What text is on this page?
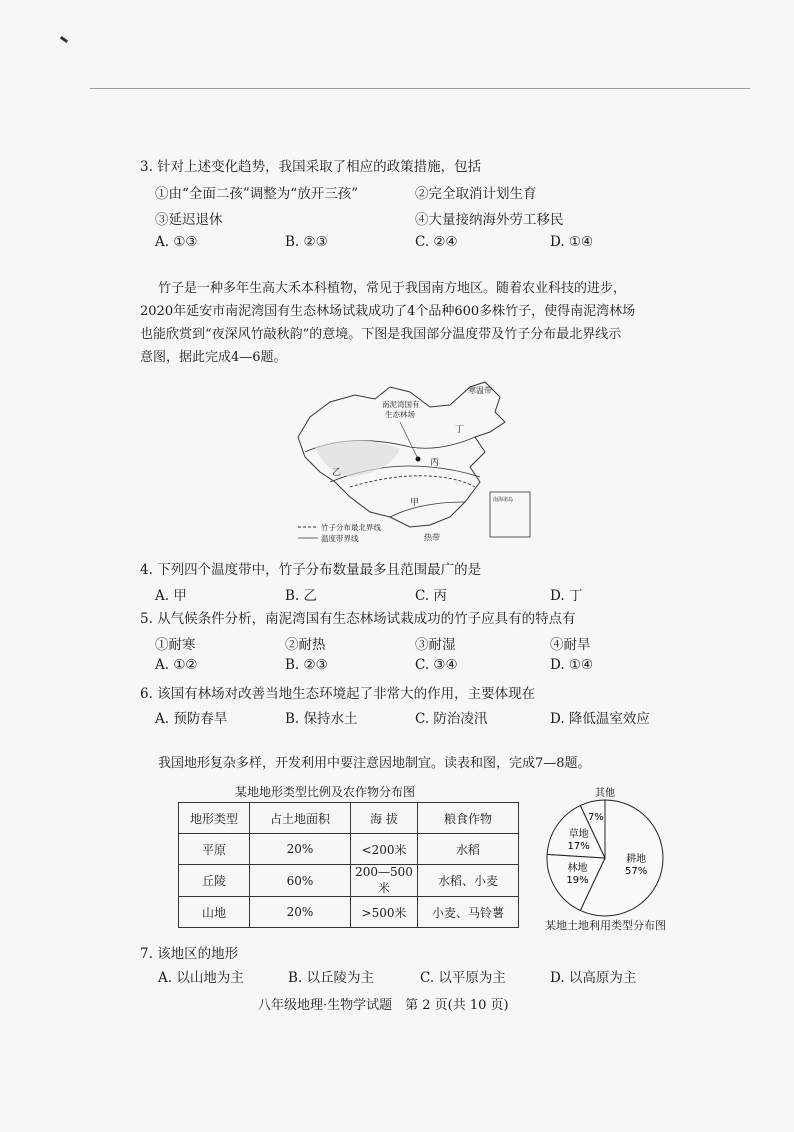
3. 针对上述变化趋势，我国采取了相应的政策措施，包括
①由“全面二孩”调整为“放开三孩”	②完全取消计划生育
③延迟退休	④大量接纳海外劳工移民
A. ①③	B. ②③	C. ②④	D. ①④
竹子是一种多年生高大禾本科植物，常见于我国南方地区。随着农业科技的进步，
2020年延安市南泥湾国有生态林场试栽成功了4个品种600多株竹子，使得南泥湾林场
也能欣赏到“夜深风竹敲秋韵”的意境。下图是我国部分温度带及竹子分布最北界线示
意图，据此完成4—6题。
寒温带
南泥湾国有
生态林场
丁
丙
乙
甲
热带
南海诸岛
竹子分布最北界线
温度带界线
4. 下列四个温度带中，竹子分布数量最多且范围最广的是
A. 甲	B. 乙	C. 丙	D. 丁
5. 从气候条件分析，南泥湾国有生态林场试栽成功的竹子应具有的特点有
①耐寒	②耐热	③耐湿	④耐旱
A. ①②	B. ②③	C. ③④	D. ①④
6. 该国有林场对改善当地生态环境起了非常大的作用，主要体现在
A. 预防春旱	B. 保持水土	C. 防治凌汛	D. 降低温室效应
我国地形复杂多样，开发利用中要注意因地制宜。读表和图，完成7—8题。
某地地形类型比例及农作物分布图
地形类型	占土地面积	海 拔	粮食作物
平原	20%	<200米	水稻
丘陵	60%	200—500米	水稻、小麦
山地	20%	>500米	小麦、马铃薯
耕地
57%
林地
19%
草地
17%
其他
7%
某地土地利用类型分布图
7. 该地区的地形
A. 以山地为主	B. 以丘陵为主	C. 以平原为主	D. 以高原为主
八年级地理·生物学试题　第 2 页(共 10 页)
